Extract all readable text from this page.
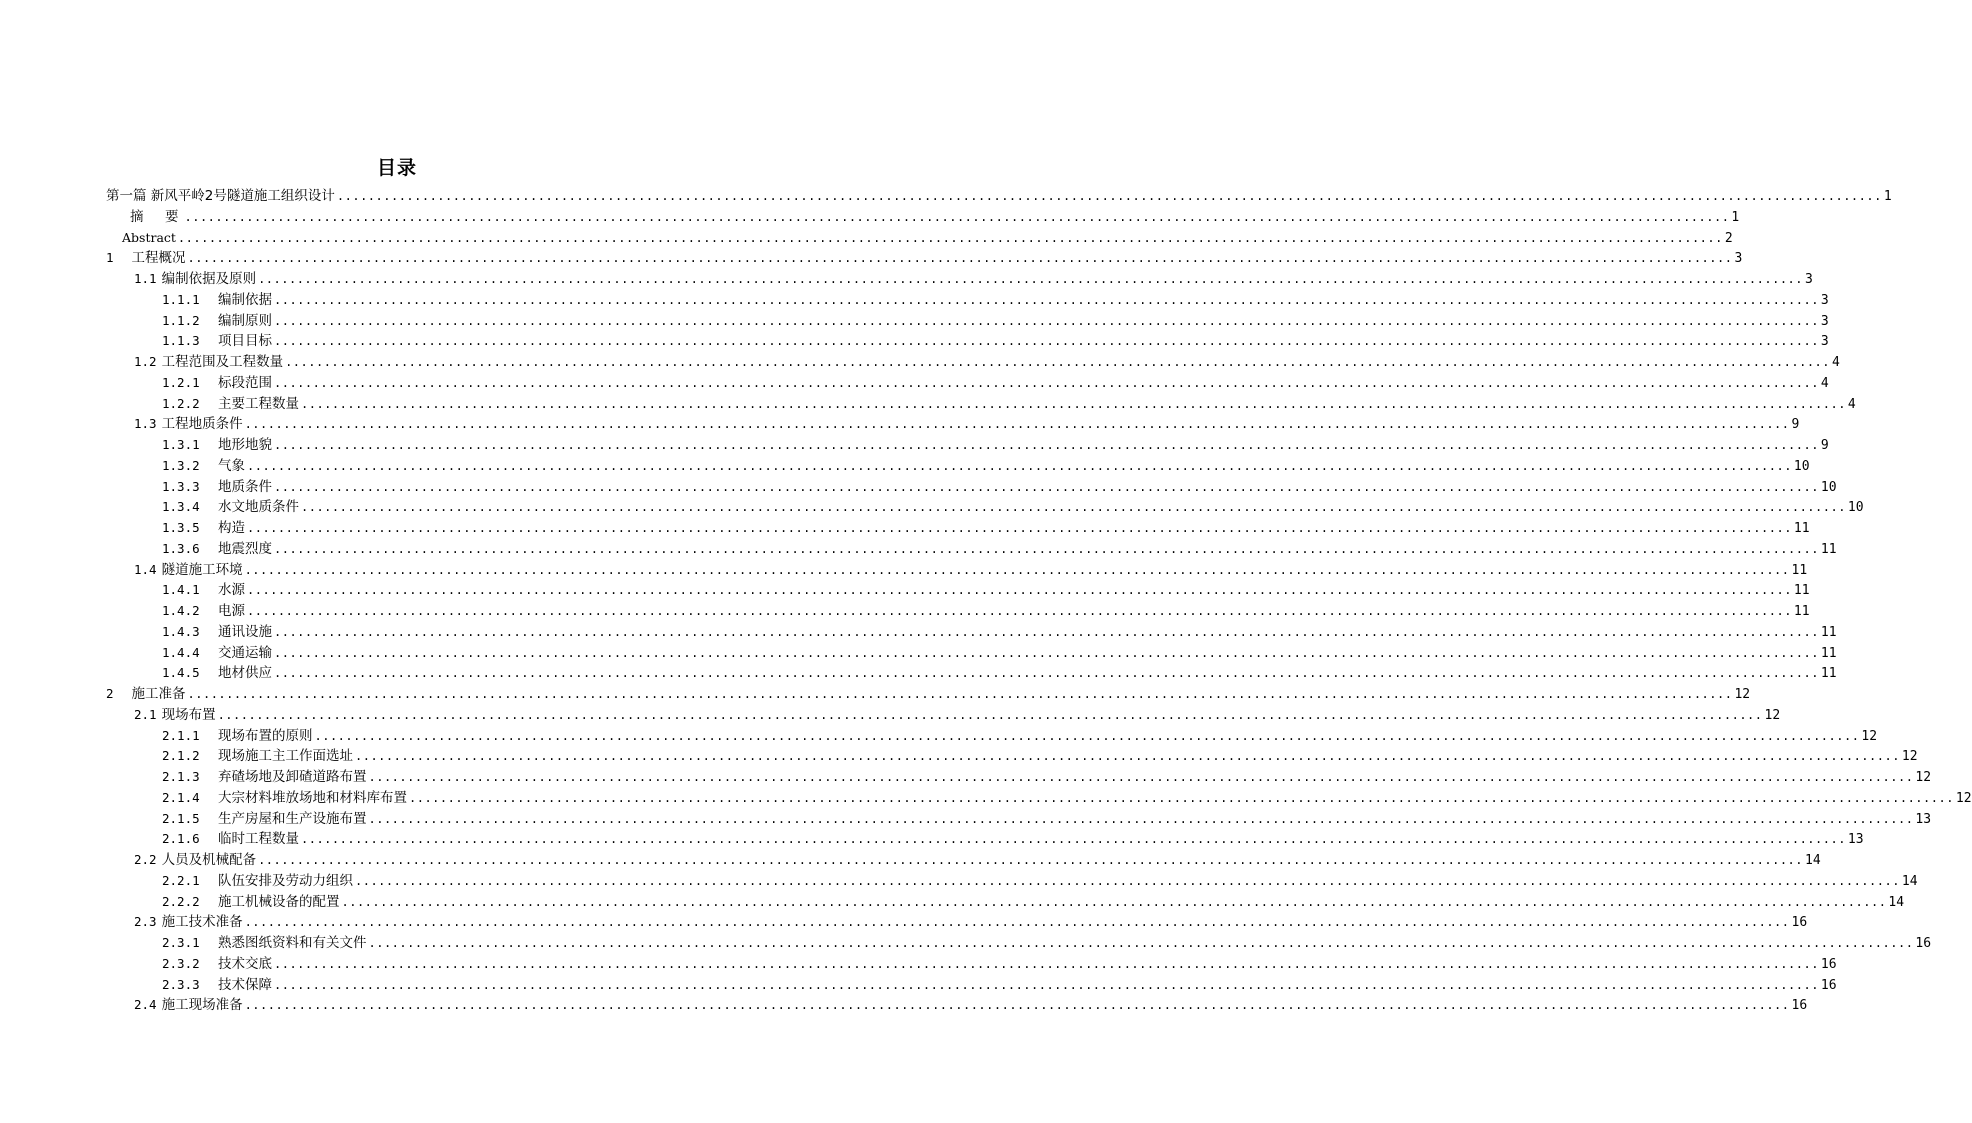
目录
第一篇 新风平岭2号隧道施工组织设计 ........................................................................................................................................................................................................ 1
摘　要 ........................................................................................................................................................................................................ 1
Abstract ........................................................................................................................................................................................................ 2
1 工程概况 ........................................................................................................................................................................................................ 3
1.1 编制依据及原则 ........................................................................................................................................................................................................ 3
1.1.1 编制依据 ........................................................................................................................................................................................................ 3
1.1.2 编制原则 ........................................................................................................................................................................................................ 3
1.1.3 项目目标 ........................................................................................................................................................................................................ 3
1.2 工程范围及工程数量 ........................................................................................................................................................................................................ 4
1.2.1 标段范围 ........................................................................................................................................................................................................ 4
1.2.2 主要工程数量 ........................................................................................................................................................................................................ 4
1.3 工程地质条件 ........................................................................................................................................................................................................ 9
1.3.1 地形地貌 ........................................................................................................................................................................................................ 9
1.3.2 气象 ........................................................................................................................................................................................................ 10
1.3.3 地质条件 ........................................................................................................................................................................................................ 10
1.3.4 水文地质条件 ........................................................................................................................................................................................................ 10
1.3.5 构造 ........................................................................................................................................................................................................ 11
1.3.6 地震烈度 ........................................................................................................................................................................................................ 11
1.4 隧道施工环境 ........................................................................................................................................................................................................ 11
1.4.1 水源 ........................................................................................................................................................................................................ 11
1.4.2 电源 ........................................................................................................................................................................................................ 11
1.4.3 通讯设施 ........................................................................................................................................................................................................ 11
1.4.4 交通运输 ........................................................................................................................................................................................................ 11
1.4.5 地材供应 ........................................................................................................................................................................................................ 11
2 施工准备 ........................................................................................................................................................................................................ 12
2.1 现场布置 ........................................................................................................................................................................................................ 12
2.1.1 现场布置的原则 ........................................................................................................................................................................................................ 12
2.1.2 现场施工主工作面选址 ........................................................................................................................................................................................................ 12
2.1.3 弃碴场地及卸碴道路布置 ........................................................................................................................................................................................................ 12
2.1.4 大宗材料堆放场地和材料库布置 ........................................................................................................................................................................................................ 12
2.1.5 生产房屋和生产设施布置 ........................................................................................................................................................................................................ 13
2.1.6 临时工程数量 ........................................................................................................................................................................................................ 13
2.2 人员及机械配备 ........................................................................................................................................................................................................ 14
2.2.1 队伍安排及劳动力组织 ........................................................................................................................................................................................................ 14
2.2.2 施工机械设备的配置 ........................................................................................................................................................................................................ 14
2.3 施工技术准备 ........................................................................................................................................................................................................ 16
2.3.1 熟悉图纸资料和有关文件 ........................................................................................................................................................................................................ 16
2.3.2 技术交底 ........................................................................................................................................................................................................ 16
2.3.3 技术保障 ........................................................................................................................................................................................................ 16
2.4 施工现场准备 ........................................................................................................................................................................................................ 16
